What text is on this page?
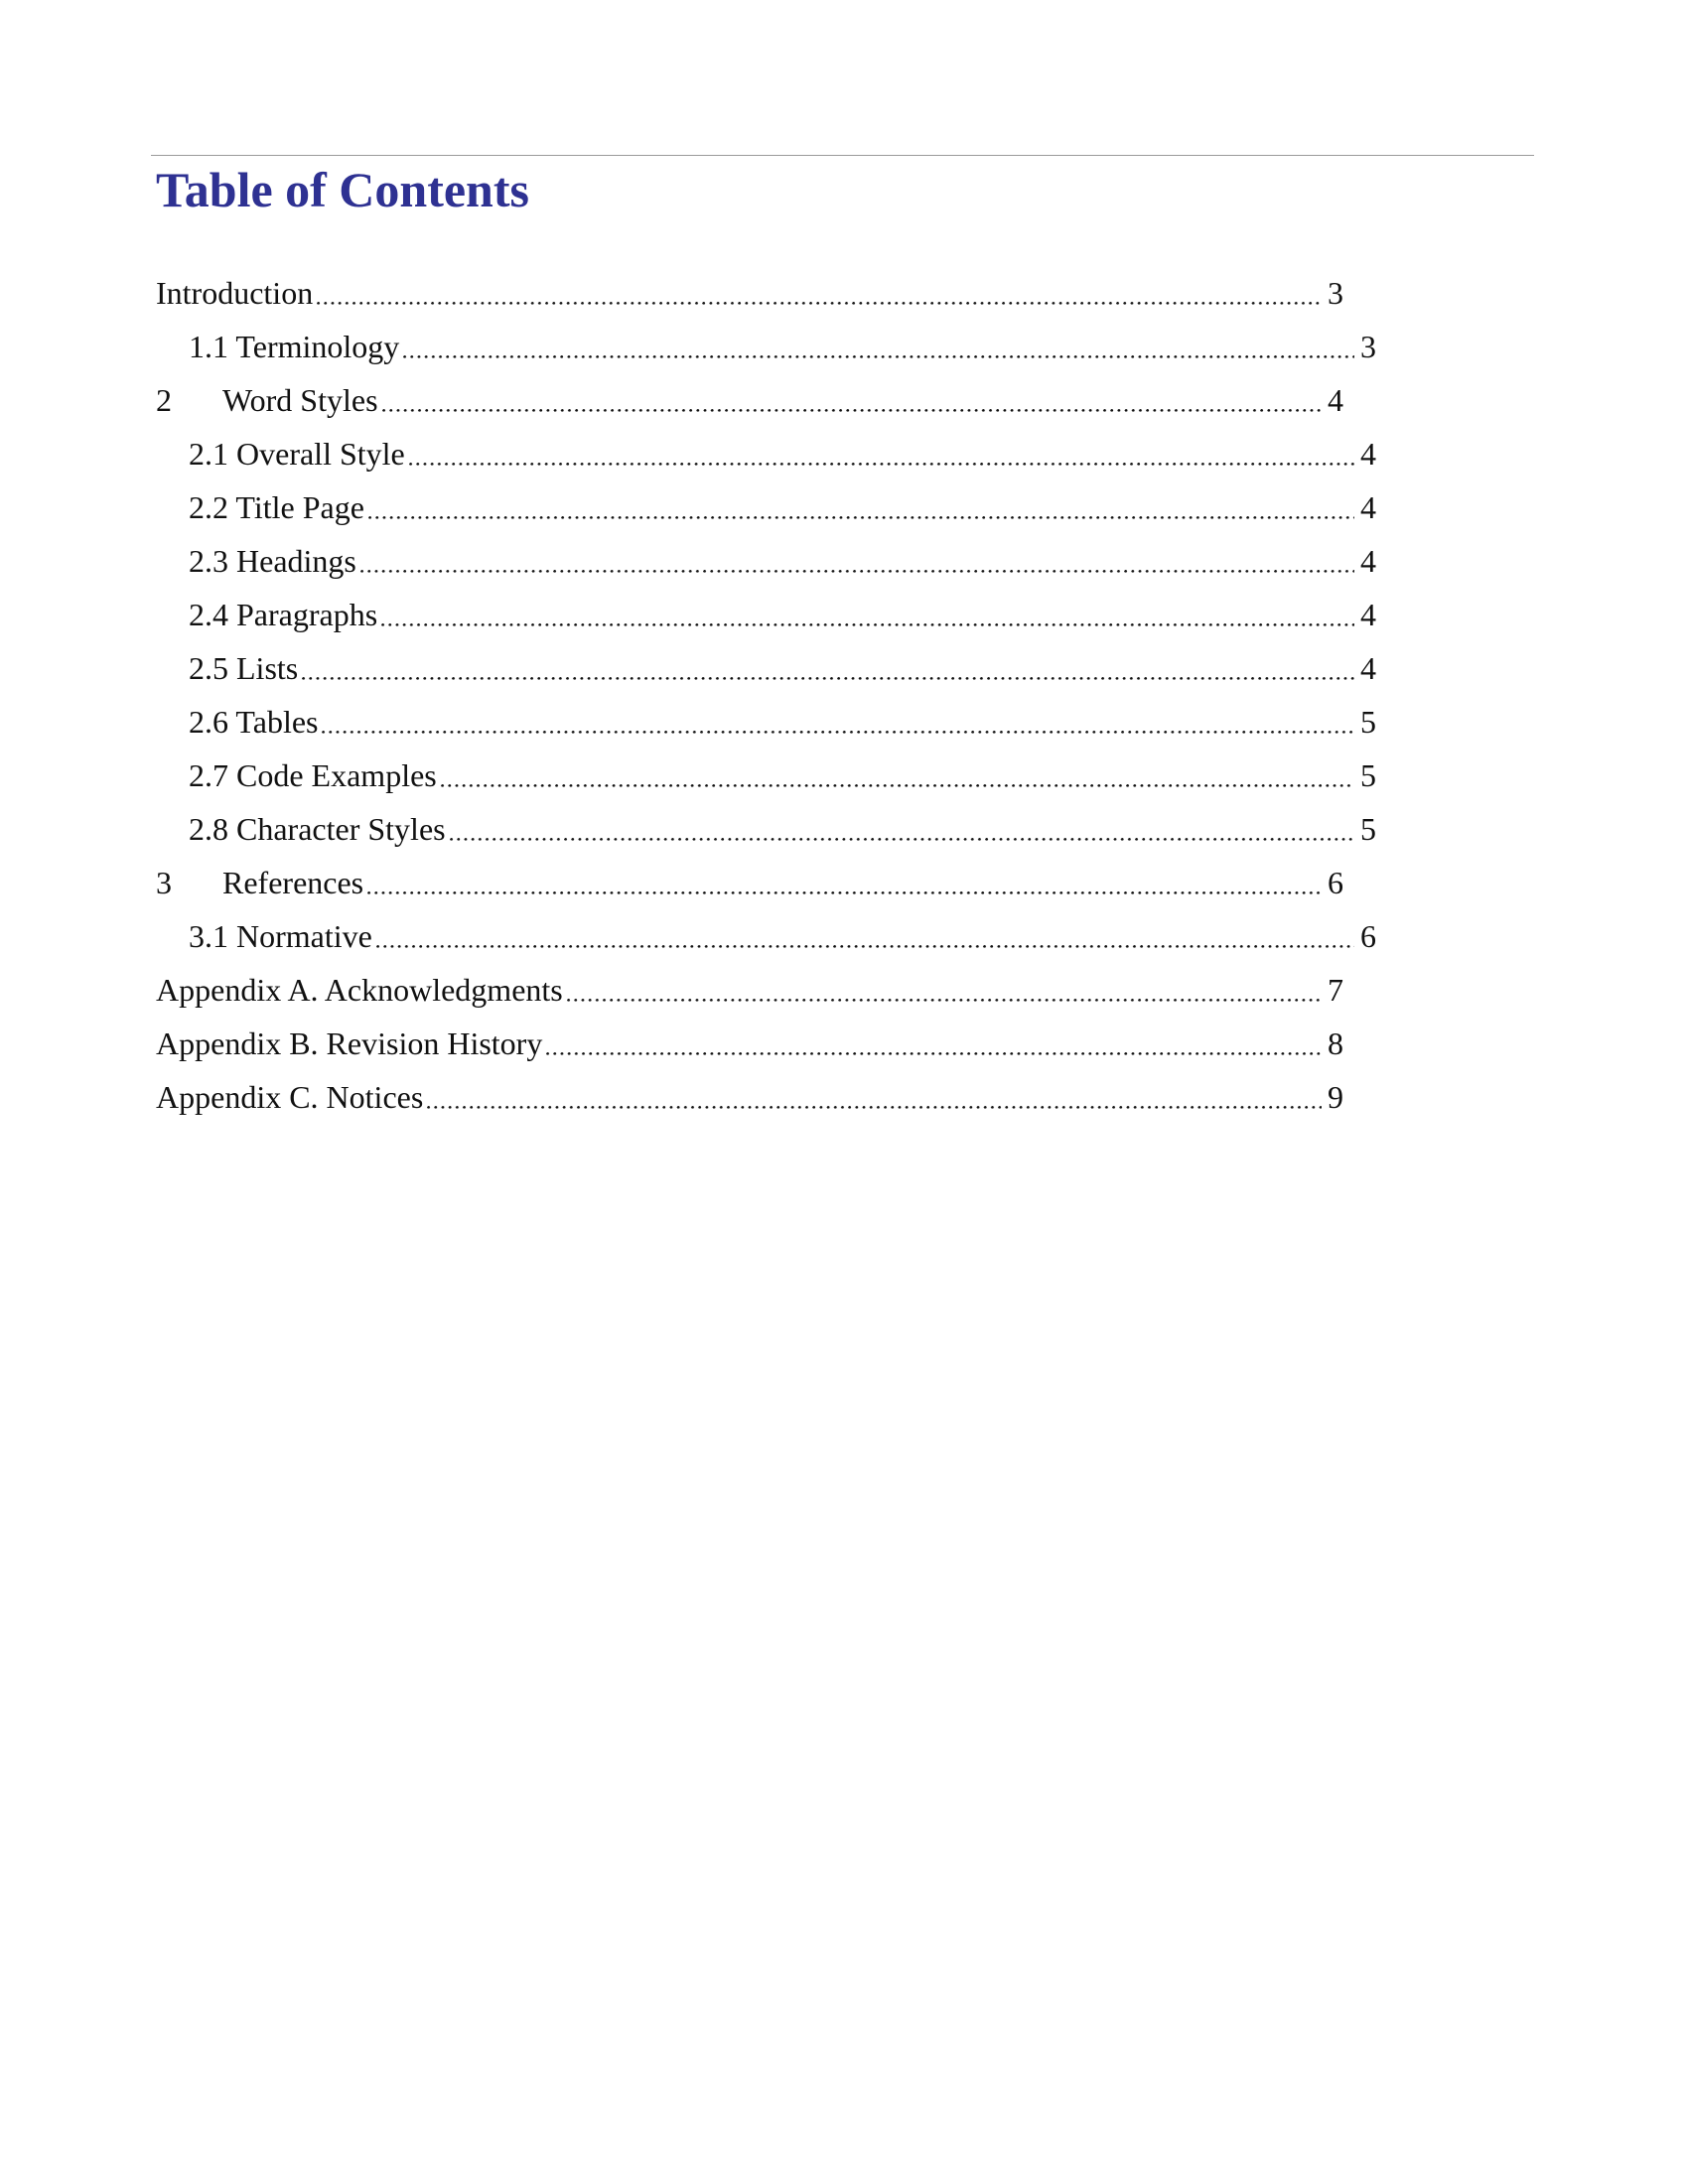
Table of Contents
Introduction	3
1.1 Terminology	3
2	Word Styles	4
2.1 Overall Style	4
2.2 Title Page	4
2.3 Headings	4
2.4 Paragraphs	4
2.5 Lists	4
2.6 Tables	5
2.7 Code Examples	5
2.8 Character Styles	5
3	References	6
3.1 Normative	6
Appendix A. Acknowledgments	7
Appendix B. Revision History	8
Appendix C. Notices	9
